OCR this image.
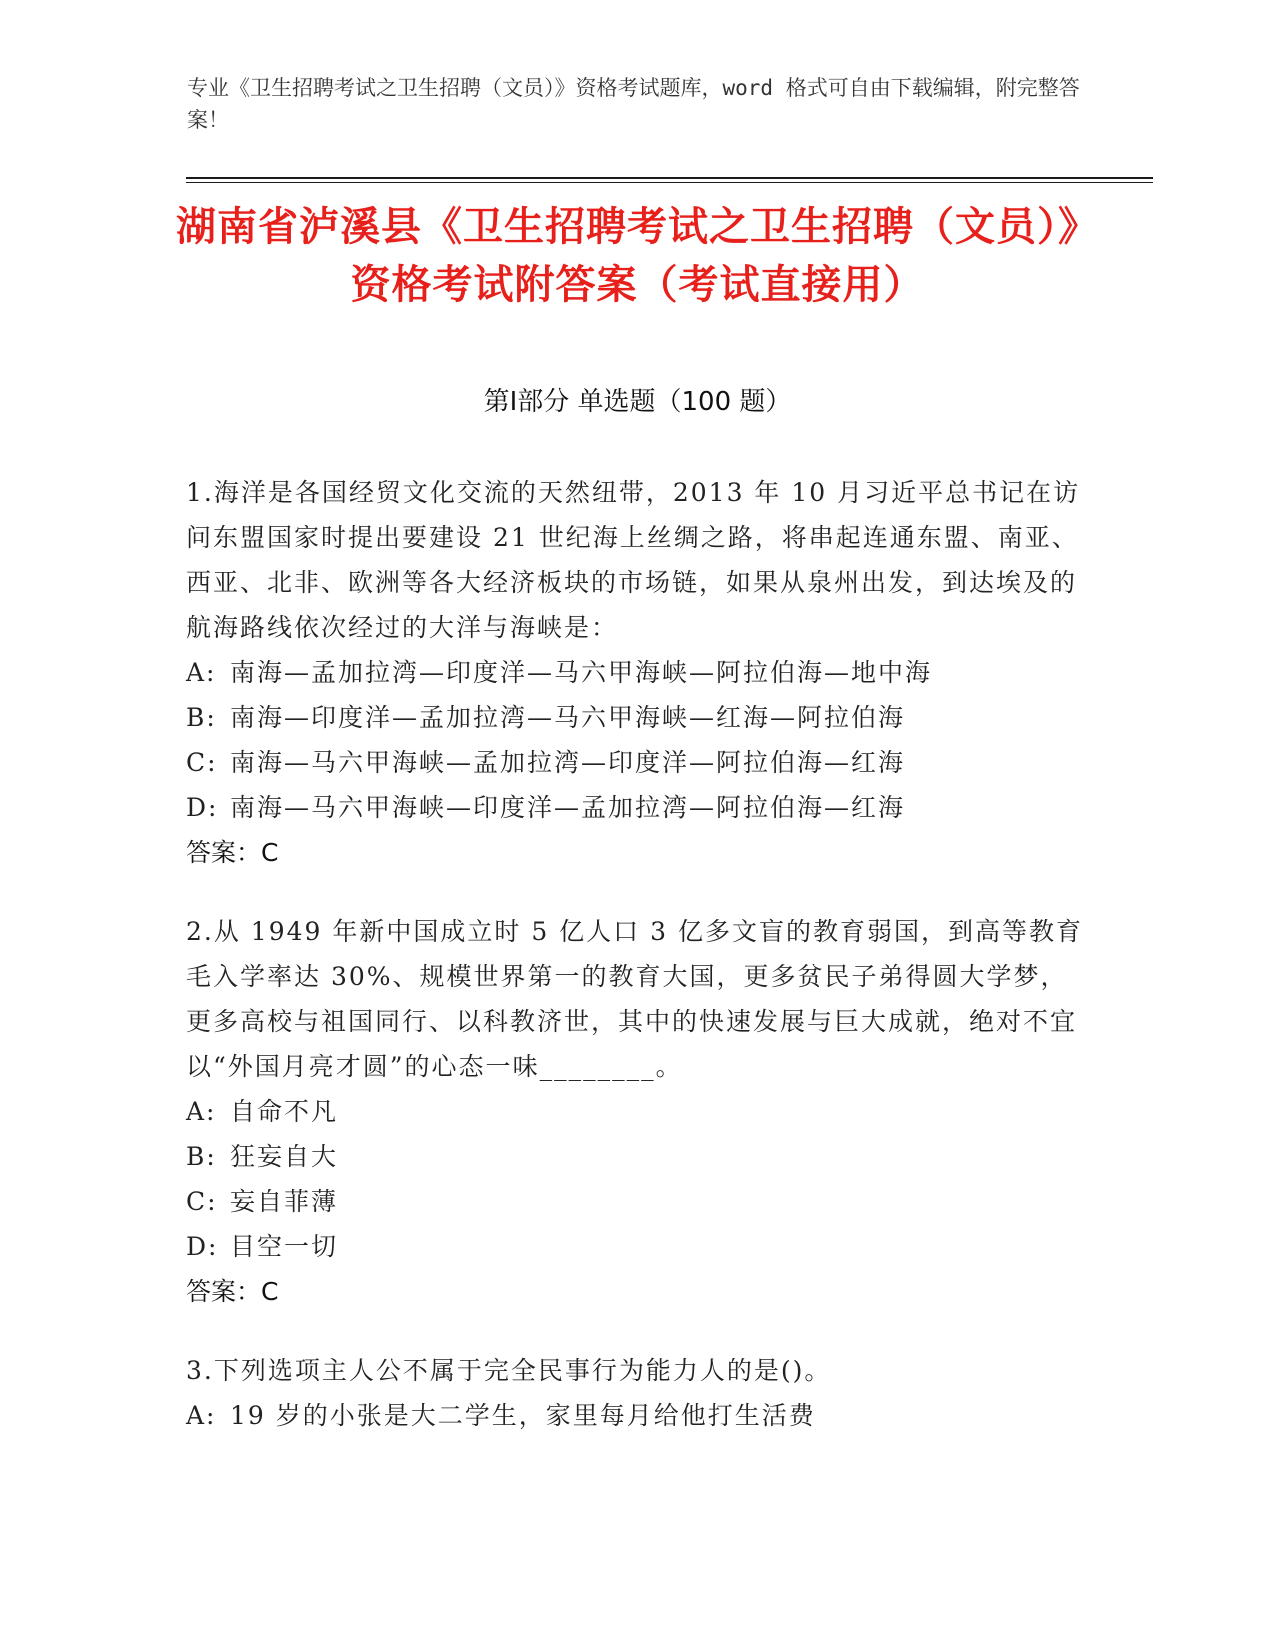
专业《卫生招聘考试之卫生招聘（文员）》资格考试题库，word 格式可自由下载编辑，附完整答案！
湖南省泸溪县《卫生招聘考试之卫生招聘（文员）》资格考试附答案（考试直接用）
第Ⅰ部分 单选题（100 题）

1.海洋是各国经贸文化交流的天然纽带，2013 年 10 月习近平总书记在访问东盟国家时提出要建设 21 世纪海上丝绸之路，将串起连通东盟、南亚、西亚、北非、欧洲等各大经济板块的市场链，如果从泉州出发，到达埃及的航海路线依次经过的大洋与海峡是：

A: 南海—孟加拉湾—印度洋—马六甲海峡—阿拉伯海—地中海

B: 南海—印度洋—孟加拉湾—马六甲海峡—红海—阿拉伯海

C: 南海—马六甲海峡—孟加拉湾—印度洋—阿拉伯海—红海

D: 南海—马六甲海峡—印度洋—孟加拉湾—阿拉伯海—红海

答案：C

2.从 1949 年新中国成立时 5 亿人口 3 亿多文盲的教育弱国，到高等教育毛入学率达 30%、规模世界第一的教育大国，更多贫民子弟得圆大学梦，更多高校与祖国同行、以科教济世，其中的快速发展与巨大成就，绝对不宜以“外国月亮才圆”的心态一味________。

A: 自命不凡

B: 狂妄自大

C: 妄自菲薄

D: 目空一切

答案：C

3.下列选项主人公不属于完全民事行为能力人的是()。

A: 19 岁的小张是大二学生，家里每月给他打生活费
